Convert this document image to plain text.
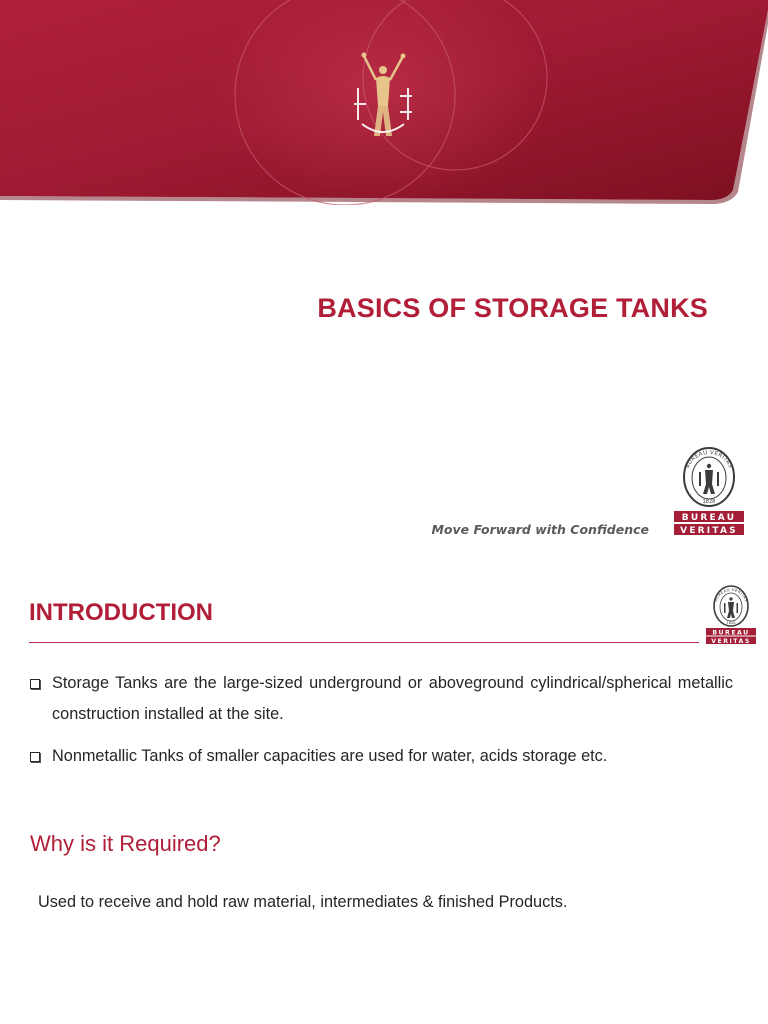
BASICS OF STORAGE TANKS
Move Forward with Confidence
BUREAU VERITAS
1828
BUREAU
VERITAS
INTRODUCTION	BUREAU VERITAS
1828
BUREAU
VERITAS
Storage Tanks are the large-sized underground or aboveground cylindrical/spherical metallic construction installed at the site.
Nonmetallic Tanks of smaller capacities are used for water, acids storage etc.
Why is it Required?
Used to receive and hold raw material, intermediates & finished Products.
